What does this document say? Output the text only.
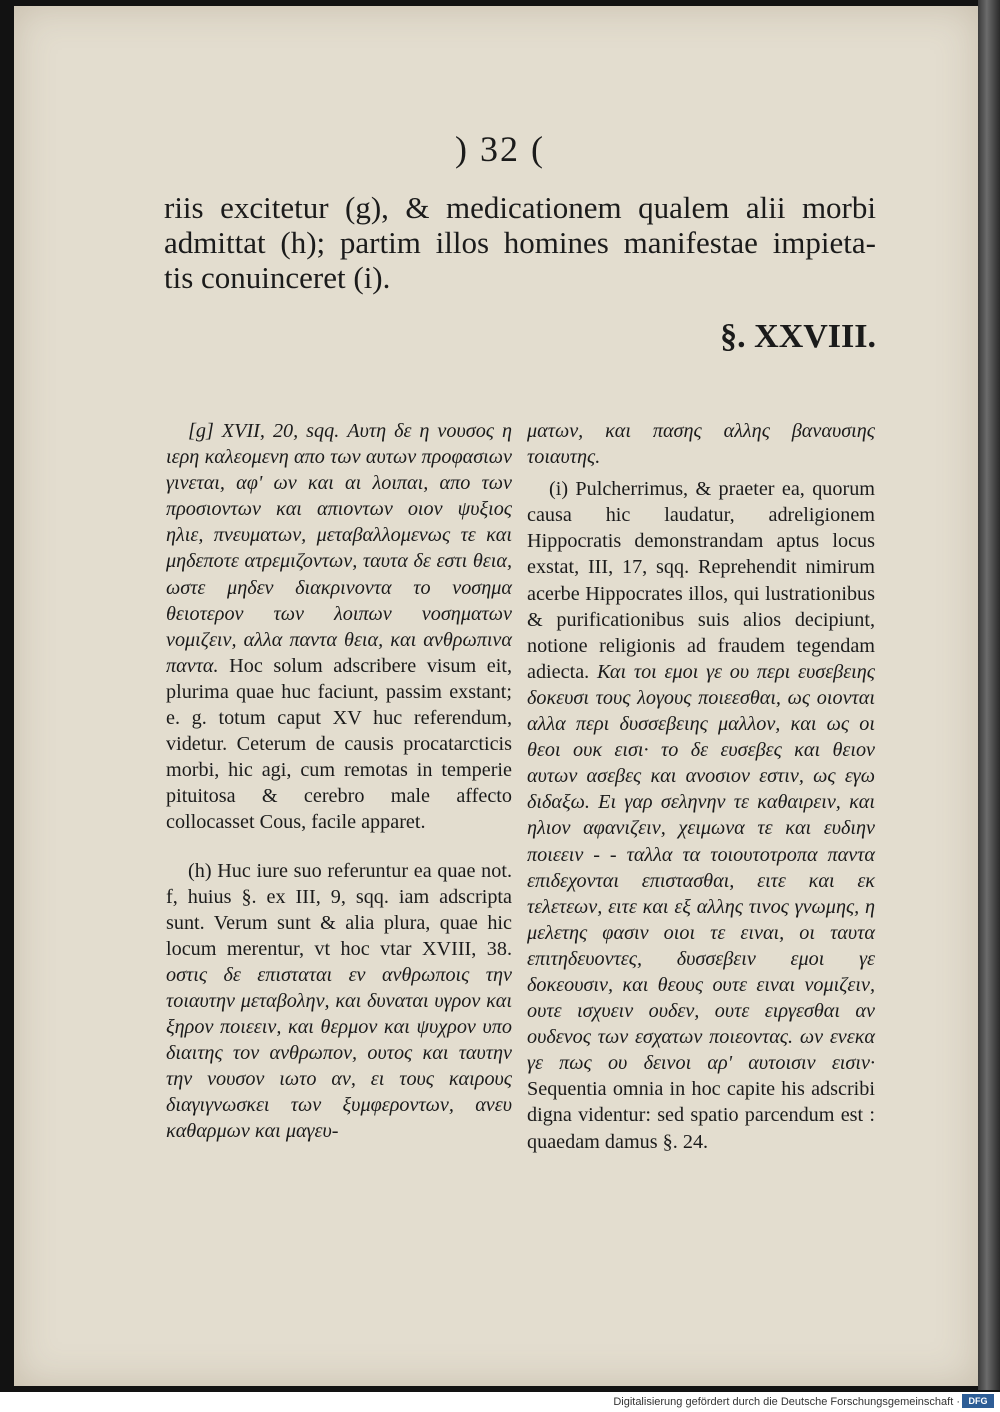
) 32 (
riis excitetur (g), & medicationem qualem alii morbi
admittat (h); partim illos homines manifestae impieta-
tis conuinceret (i).
§. XXVIII.

[g] XVII, 20, sqq. Αυτη δε η νουσος η ιερη καλεομενη απο των αυτων προφασιων γινεται, αφ' ων και αι λοιπαι, απο των προσιοντων και απιοντων οιον ψυξιος ηλιε, πνευματων, μεταβαλλομενως τε και μηδεποτε ατρεμιζοντων, ταυτα δε εστι θεια, ωστε μηδεν διακρινοντα το νοσημα θειοτερον των λοιπων νοσηματων νομιζειν, αλλα παντα θεια, και ανθρωπινα παντα. Hoc solum adscribere visum eit, plurima quae huc faciunt, passim exstant; e. g. totum caput XV huc referendum, videtur. Ceterum de causis procatarcticis morbi, hic agi, cum remotas in temperie pituitosa & cerebro male affecto collocasset Cous, facile apparet.

(h) Huc iure suo referuntur ea quae not. f, huius §. ex III, 9, sqq. iam adscripta sunt. Verum sunt & alia plura, quae hic locum merentur, vt hoc vtar XVIII, 38. οστις δε επισταται εν ανθρωποις την τοιαυτην μεταβολην, και δυναται υγρον και ξηρον ποιεειν, και θερμον και ψυχρον υπο διαιτης τον ανθρωπον, ουτος και ταυτην την νουσον ιωτο αν, ει τους καιρους διαγιγνωσκει των ξυμφεροντων, ανευ καθαρμων και μαγευ-

ματων, και πασης αλλης βαναυσιης τοιαυτης.

(i) Pulcherrimus, & praeter ea, quorum causa hic laudatur, adreligionem Hippocratis demonstrandam aptus locus exstat, III, 17, sqq. Reprehendit nimirum acerbe Hippocrates illos, qui lustrationibus & purificationibus suis alios decipiunt, notione religionis ad fraudem tegendam adiecta. Και τοι εμοι γε ου περι ευσεβειης δοκευσι τους λογους ποιεεσθαι, ως οιονται αλλα περι δυσσεβειης μαλλον, και ως οι θεοι ουκ εισι· το δε ευσεβες και θειον αυτων ασεβες και ανοσιον εστιν, ως εγω διδαξω. Ει γαρ σεληνην τε καθαιρειν, και ηλιον αφανιζειν, χειμωνα τε και ευδιην ποιεειν - - ταλλα τα τοιουτοτροπα παντα επιδεχονται επιστασθαι, ειτε και εκ τελετεων, ειτε και εξ αλλης τινος γνωμης, η μελετης φασιν οιοι τε ειναι, οι ταυτα επιτηδευοντες, δυσσεβειν εμοι γε δοκεουσιν, και θεους ουτε ειναι νομιζειν, ουτε ισχυειν ουδεν, ουτε ειργεσθαι αν ουδενος των εσχατων ποιεοντας. ων ενεκα γε πως ου δεινοι αρ' αυτοισιν εισιν· Sequentia omnia in hoc capite his adscribi digna videntur: sed spatio parcendum est : quaedam damus §. 24.

Digitalisierung gefördert durch die Deutsche Forschungsgemeinschaft · DFG
